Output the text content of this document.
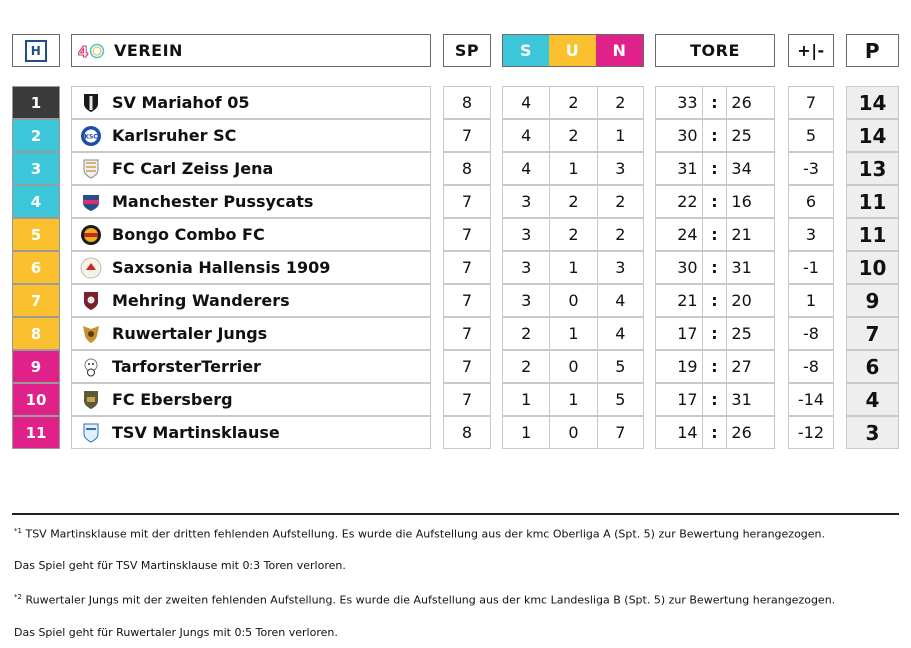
H	4 VEREIN	SP	S	U	N	TORE	+|-	P
1	SV Mariahof 05	8	4	2	2	33 : 26	7	14
2	KSC Karlsruher SC	7	4	2	1	30 : 25	5	14
3	FC Carl Zeiss Jena	8	4	1	3	31 : 34	-3	13
4	Manchester Pussycats	7	3	2	2	22 : 16	6	11
5	Bongo Combo FC	7	3	2	2	24 : 21	3	11
6	Saxsonia Hallensis 1909	7	3	1	3	30 : 31	-1	10
7	Mehring Wanderers	7	3	0	4	21 : 20	1	9
8	Ruwertaler Jungs	7	2	1	4	17 : 25	-8	7
9	TarforsterTerrier	7	2	0	5	19 : 27	-8	6
10	FC Ebersberg	7	1	1	5	17 : 31	-14	4
11	TSV Martinsklause	8	1	0	7	14 : 26	-12	3
$^{*1}$ TSV Martinsklause mit der dritten fehlenden Aufstellung. Es wurde die Aufstellung aus der kmc Oberliga A (Spt. 5) zur Bewertung herangezogen.
Das Spiel geht für TSV Martinsklause mit 0:3 Toren verloren.
$^{*2}$ Ruwertaler Jungs mit der zweiten fehlenden Aufstellung. Es wurde die Aufstellung aus der kmc Landesliga B (Spt. 5) zur Bewertung herangezogen.
Das Spiel geht für Ruwertaler Jungs mit 0:5 Toren verloren.
